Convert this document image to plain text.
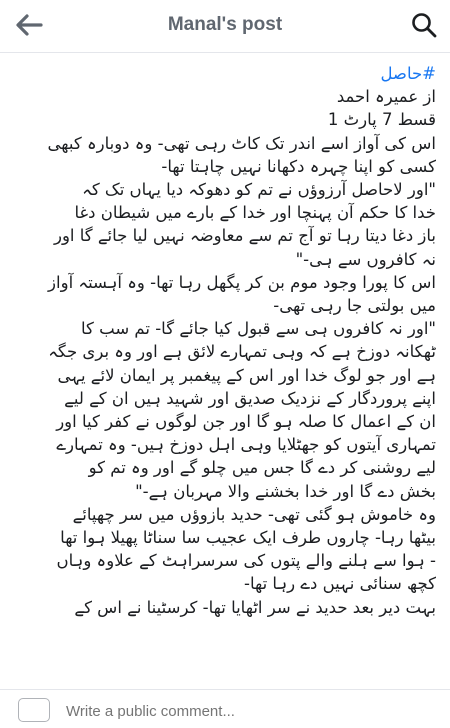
Manal's post

#حاصل

از عمیرہ احمد

قسط 7 پارٹ 1

اس کی آواز اسے اندر تک کاٹ رہی تھی- وہ دوبارہ کبھی

کسی کو اپنا چہرہ دکھانا نہیں چاہتا تھا-

"اور لاحاصل آرزوؤں نے تم کو دھوکہ دیا یہاں تک کہ

خدا کا حکم آن پہنچا اور خدا کے بارے میں شیطان دغا

باز دغا دیتا رہا تو آج تم سے معاوضہ نہیں لیا جائے گا اور

نہ کافروں سے ہی-"

اس کا پورا وجود موم بن کر پگھل رہا تھا- وہ آہستہ آواز

میں بولتی جا رہی تھی-

"اور نہ کافروں ہی سے قبول کیا جائے گا- تم سب کا

ٹھکانہ دوزخ ہے کہ وہی تمہارے لائق ہے اور وہ بری جگہ

ہے اور جو لوگ خدا اور اس کے پیغمبر پر ایمان لائے یہی

اپنے پروردگار کے نزدیک صدیق اور شہید ہیں ان کے لیے

ان کے اعمال کا صلہ ہو گا اور جن لوگوں نے کفر کیا اور

تمہاری آیتوں کو جھٹلایا وہی اہل دوزخ ہیں- وہ تمہارے

لیے روشنی کر دے گا جس میں چلو گے اور وہ تم کو

بخش دے گا اور خدا بخشنے والا مہربان ہے-"

وہ خاموش ہو گئی تھی- حدید بازوؤں میں سر چھپائے

بیٹھا رہا- چاروں طرف ایک عجیب سا سناٹا پھیلا ہوا تھا

- ہوا سے ہلنے والے پتوں کی سرسراہٹ کے علاوہ وہاں

کچھ سنائی نہیں دے رہا تھا-

بہت دیر بعد حدید نے سر اٹھایا تھا- کرسٹینا نے اس کے

Write a public comment...
